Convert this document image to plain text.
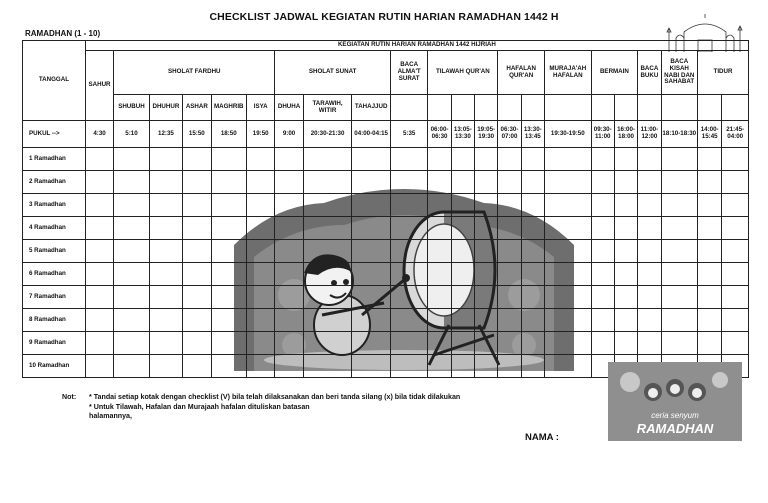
CHECKLIST JADWAL KEGIATAN RUTIN HARIAN RAMADHAN 1442 H
RAMADHAN (1 - 10)
TANGGAL	KEGIATAN RUTIN HARIAN RAMADHAN 1442 HIJRIAH																					
	SAHUR	SHOLAT FARDHU					SHOLAT SUNAT			BACA ALMA'T SURAT	TILAWAH QUR'AN			HAFALAN QUR'AN		MURAJA'AH HAFALAN	BERMAIN		BACA BUKU	BACA KISAH NABI DAN SAHABAT	TIDUR	
		SHUBUH	DHUHUR	ASHAR	MAGHRIB	ISYA	DHUHA	TARAWIH, WITIR	TAHAJJUD													
PUKUL -->	4:30	5:10	12:35	15:50	18:50	19:50	9:00	20:30-21:30	04:00-04:15	5:35	06:00-06:30	13:05-13:30	19:05-19:30	06:30-07:00	13:30-13:45	19:30-19:50	09:30-11:00	16:00-18:00	11:00-12:00	18:10-18:30	14:00-15:45	21:45-04:00
1 Ramadhan																						
2 Ramadhan																						
3 Ramadhan																						
4 Ramadhan																						
5 Ramadhan																						
6 Ramadhan																						
7 Ramadhan																						
8 Ramadhan																						
9 Ramadhan																						
10 Ramadhan																						
ceria senyum
RAMADHAN
Not: * Tandai setiap kotak dengan checklist (V) bila telah dilaksanakan dan beri tanda silang (x) bila tidak dilakukan
* Untuk Tilawah, Hafalan dan Murajaah hafalan dituliskan batasan
halamannya,
NAMA :
